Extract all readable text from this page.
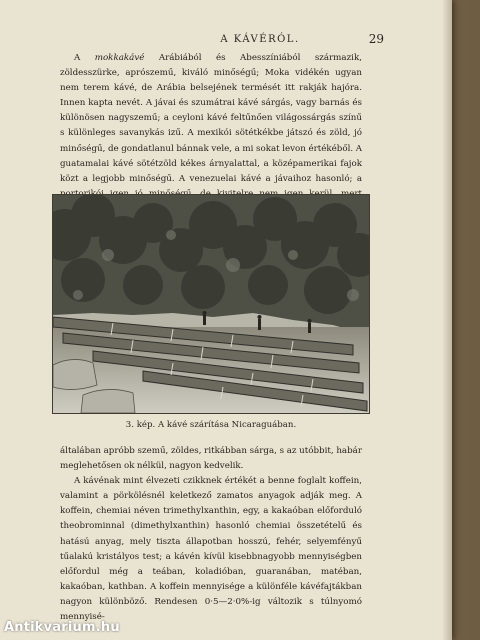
A KÁVÉRÓL.	29
A mokkakávé Arábiából és Abesszíniából származik, zöldesszürke, aprószemű, kiváló minőségű; Moka vidékén ugyan nem terem kávé, de Arábia belsejének termését itt rakják hajóra. Innen kapta nevét. A jávai és szumátrai kávé sárgás, vagy barnás és különösen nagyszemű; a ceyloni kávé feltűnően világossárgás színű s különleges savanykás izű. A mexikói sötétkékbe játszó és zöld, jó minőségű, de gondatlanul bánnak vele, a mi sokat levon értékéből. A guatamalai kávé sötétzöld kékes árnyalattal, a középamerikai fajok közt a legjobb minőségű. A venezuelai kávé a jávaihoz hasonló; a
3. kép. A kávé szárítása Nicaraguában.
általában apróbb szemű, zöldes, ritkábban sárga, s az utóbbit, habár meglehetősen ok nélkül, nagyon kedvelik.
A kávénak mint élvezeti czikknek értékét a benne foglalt koffein, valamint a pörkölésnél keletkező zamatos anyagok adják meg. A koffein, chemiai néven trimethylxanthin, egy, a kakaóban előforduló theobrominnal (dimethylxanthin) hasonló chemiai összetételű és hatású anyag, mely tiszta állapotban hosszú, fehér, selyemfényű tűalakú kristályos test; a kávén kívül kisebbnagyobb mennyiségben előfordul még a teában, koladióban, guaranában, matéban, kakaóban, kathban. A koffein mennyisége a különféle kávéfajtákban nagyon különböző. Rendesen 0·5—2·0%-ig változik s túlnyomó mennyisé-
Antikvarium.hu
